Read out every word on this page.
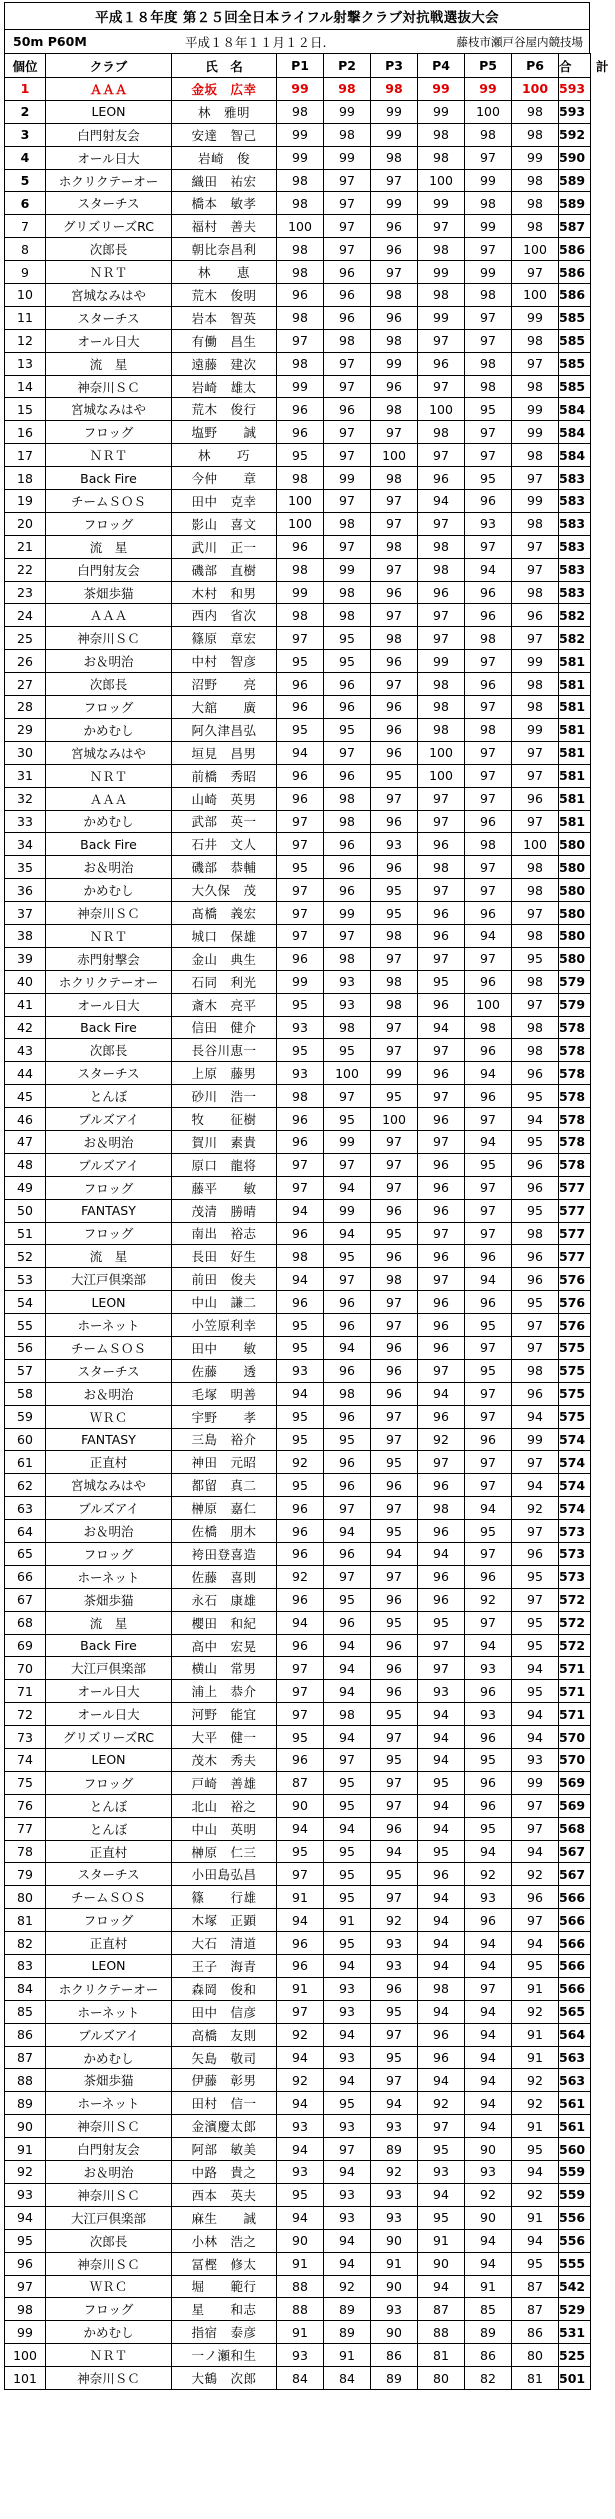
平成１８年度 第２５回全日本ライフル射撃クラブ対抗戦選抜大会
50m P60M	平成１８年１１月１２日.	藤枝市瀬戸谷屋内競技場
個位	クラブ	氏　名	P1	P2	P3	P4	P5	P6	合　計
1	ＡＡＡ	金坂　広幸	99	98	98	99	99	100	593
2	LEON	林　雅明	98	99	99	99	100	98	593
3	白門射友会	安達　智己	99	98	99	98	98	98	592
4	オール日大	岩崎　俊	99	99	98	98	97	99	590
5	ホクリクテーオー	織田　祐宏	98	97	97	100	99	98	589
6	スターチス	橋本　敏孝	98	97	99	99	98	98	589
7	グリズリーズRC	福村　善夫	100	97	96	97	99	98	587
8	次郎長	朝比奈昌利	98	97	96	98	97	100	586
9	ＮＲＴ	林　　恵	98	96	97	99	99	97	586
10	宮城なみはや	荒木　俊明	96	96	98	98	98	100	586
11	スターチス	岩本　智英	98	96	96	99	97	99	585
12	オール日大	有働　昌生	97	98	98	97	97	98	585
13	流　星	遠藤　建次	98	97	99	96	98	97	585
14	神奈川ＳＣ	岩崎　雄太	99	97	96	97	98	98	585
15	宮城なみはや	荒木　俊行	96	96	98	100	95	99	584
16	フロッグ	塩野　　誠	96	97	97	98	97	99	584
17	ＮＲＴ	林　　巧	95	97	100	97	97	98	584
18	Back Fire	今仲　　章	98	99	98	96	95	97	583
19	チームＳＯＳ	田中　克幸	100	97	97	94	96	99	583
20	フロッグ	影山　喜文	100	98	97	97	93	98	583
21	流　星	武川　正一	96	97	98	98	97	97	583
22	白門射友会	磯部　直樹	98	99	97	98	94	97	583
23	茶畑歩猫	木村　和男	99	98	96	96	96	98	583
24	ＡＡＡ	西内　省次	98	98	97	97	96	96	582
25	神奈川ＳＣ	篠原　章宏	97	95	98	97	98	97	582
26	お＆明治	中村　智彦	95	95	96	99	97	99	581
27	次郎長	沼野　　亮	96	96	97	98	96	98	581
28	フロッグ	大舘　　廣	96	96	96	98	97	98	581
29	かめむし	阿久津昌弘	95	95	96	98	98	99	581
30	宮城なみはや	垣見　昌男	94	97	96	100	97	97	581
31	ＮＲＴ	前橋　秀昭	96	96	95	100	97	97	581
32	ＡＡＡ	山崎　英男	96	98	97	97	97	96	581
33	かめむし	武部　英一	97	98	96	97	96	97	581
34	Back Fire	石井　文人	97	96	93	96	98	100	580
35	お＆明治	磯部　恭輔	95	96	96	98	97	98	580
36	かめむし	大久保　茂	97	96	95	97	97	98	580
37	神奈川ＳＣ	髙橋　義宏	97	99	95	96	96	97	580
38	ＮＲＴ	城口　保雄	97	97	98	96	94	98	580
39	赤門射撃会	金山　典生	96	98	97	97	97	95	580
40	ホクリクテーオー	石同　利光	99	93	98	95	96	98	579
41	オール日大	斎木　亮平	95	93	98	96	100	97	579
42	Back Fire	信田　健介	93	98	97	94	98	98	578
43	次郎長	長谷川恵一	95	95	97	97	96	98	578
44	スターチス	上原　藤男	93	100	99	96	94	96	578
45	とんぼ	砂川　浩一	98	97	95	97	96	95	578
46	ブルズアイ	牧　　征樹	96	95	100	96	97	94	578
47	お＆明治	賀川　素貴	96	99	97	97	94	95	578
48	ブルズアイ	原口　龍将	97	97	97	96	95	96	578
49	フロッグ	藤平　　敏	97	94	97	96	97	96	577
50	FANTASY	茂清　勝晴	94	99	96	96	97	95	577
51	フロッグ	南出　裕志	96	94	95	97	97	98	577
52	流　星	長田　好生	98	95	96	96	96	96	577
53	大江戸倶楽部	前田　俊夫	94	97	98	97	94	96	576
54	LEON	中山　謙二	96	96	97	96	96	95	576
55	ホーネット	小笠原利幸	95	96	97	96	95	97	576
56	チームＳＯＳ	田中　　敏	95	94	96	96	97	97	575
57	スターチス	佐藤　　透	93	96	96	97	95	98	575
58	お＆明治	毛塚　明善	94	98	96	94	97	96	575
59	ＷＲＣ	宇野　　孝	95	96	97	96	97	94	575
60	FANTASY	三島　裕介	95	95	97	92	96	99	574
61	正直村	神田　元昭	92	96	95	97	97	97	574
62	宮城なみはや	都留　真二	95	96	96	96	97	94	574
63	ブルズアイ	榊原　嘉仁	96	97	97	98	94	92	574
64	お＆明治	佐橋　朋木	96	94	95	96	95	97	573
65	フロッグ	袴田登喜造	96	96	94	94	97	96	573
66	ホーネット	佐藤　喜則	92	97	97	96	96	95	573
67	茶畑歩猫	永石　康雄	96	95	96	96	92	97	572
68	流　星	櫻田　和紀	94	96	95	95	97	95	572
69	Back Fire	高中　宏晃	96	94	96	97	94	95	572
70	大江戸倶楽部	横山　常男	97	94	96	97	93	94	571
71	オール日大	浦上　恭介	97	94	96	93	96	95	571
72	オール日大	河野　能宜	97	98	95	94	93	94	571
73	グリズリーズRC	大平　健一	95	94	97	94	96	94	570
74	LEON	茂木　秀夫	96	97	95	94	95	93	570
75	フロッグ	戸崎　善雄	87	95	97	95	96	99	569
76	とんぼ	北山　裕之	90	95	97	94	96	97	569
77	とんぼ	中山　英明	94	94	96	94	95	97	568
78	正直村	榊原　仁三	95	95	94	95	94	94	567
79	スターチス	小田島弘昌	97	95	95	96	92	92	567
80	チームＳＯＳ	篠　　行雄	91	95	97	94	93	96	566
81	フロッグ	木塚　正顕	94	91	92	94	96	97	566
82	正直村	大石　清道	96	95	93	94	94	94	566
83	LEON	王子　海青	96	94	93	94	94	95	566
84	ホクリクテーオー	森岡　俊和	91	93	96	98	97	91	566
85	ホーネット	田中　信彦	97	93	95	94	94	92	565
86	ブルズアイ	高橋　友則	92	94	97	96	94	91	564
87	かめむし	矢島　敬司	94	93	95	96	94	91	563
88	茶畑歩猫	伊藤　彰男	92	94	97	94	94	92	563
89	ホーネット	田村　信一	94	95	94	92	94	92	561
90	神奈川ＳＣ	金濱慶太郎	93	93	93	97	94	91	561
91	白門射友会	阿部　敏美	94	97	89	95	90	95	560
92	お＆明治	中路　貴之	93	94	92	93	93	94	559
93	神奈川ＳＣ	西本　英夫	95	93	93	94	92	92	559
94	大江戸倶楽部	麻生　　誠	94	93	93	95	90	91	556
95	次郎長	小林　浩之	90	94	90	91	94	94	556
96	神奈川ＳＣ	冨樫　修太	91	94	91	90	94	95	555
97	ＷＲＣ	堀　　範行	88	92	90	94	91	87	542
98	フロッグ	星　　和志	88	89	93	87	85	87	529
99	かめむし	指宿　泰彦	91	89	90	88	89	86	531
100	ＮＲＴ	一ノ瀬和生	93	91	86	81	86	80	525
101	神奈川ＳＣ	大鶴　次郎	84	84	89	80	82	81	501
